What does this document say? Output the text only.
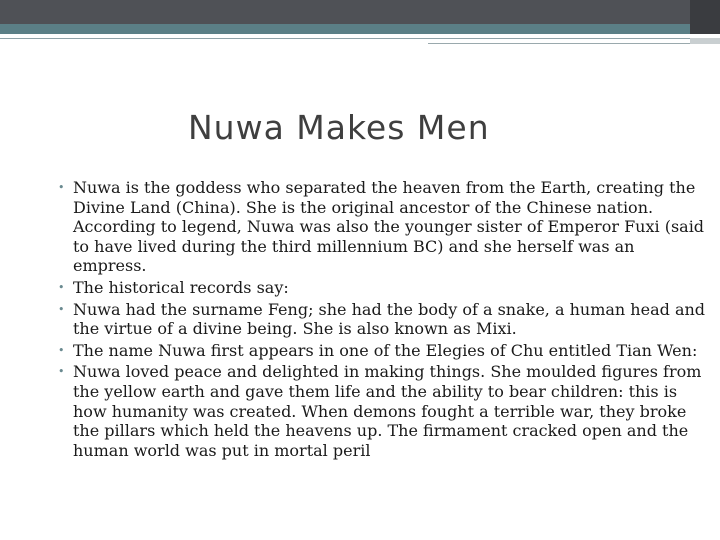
Nuwa Makes Men
• Nuwa is the goddess who separated the heaven from the Earth, creating the Divine Land (China). She is the original ancestor of the Chinese nation. According to legend, Nuwa was also the younger sister of Emperor Fuxi (said to have lived during the third millennium BC) and she herself was an empress.
• The historical records say:
• Nuwa had the surname Feng; she had the body of a snake, a human head and the virtue of a divine being. She is also known as Mixi.
• The name Nuwa first appears in one of the Elegies of Chu entitled Tian Wen:
• Nuwa loved peace and delighted in making things. She moulded figures from the yellow earth and gave them life and the ability to bear children: this is how humanity was created. When demons fought a terrible war, they broke the pillars which held the heavens up. The firmament cracked open and the human world was put in mortal peril
